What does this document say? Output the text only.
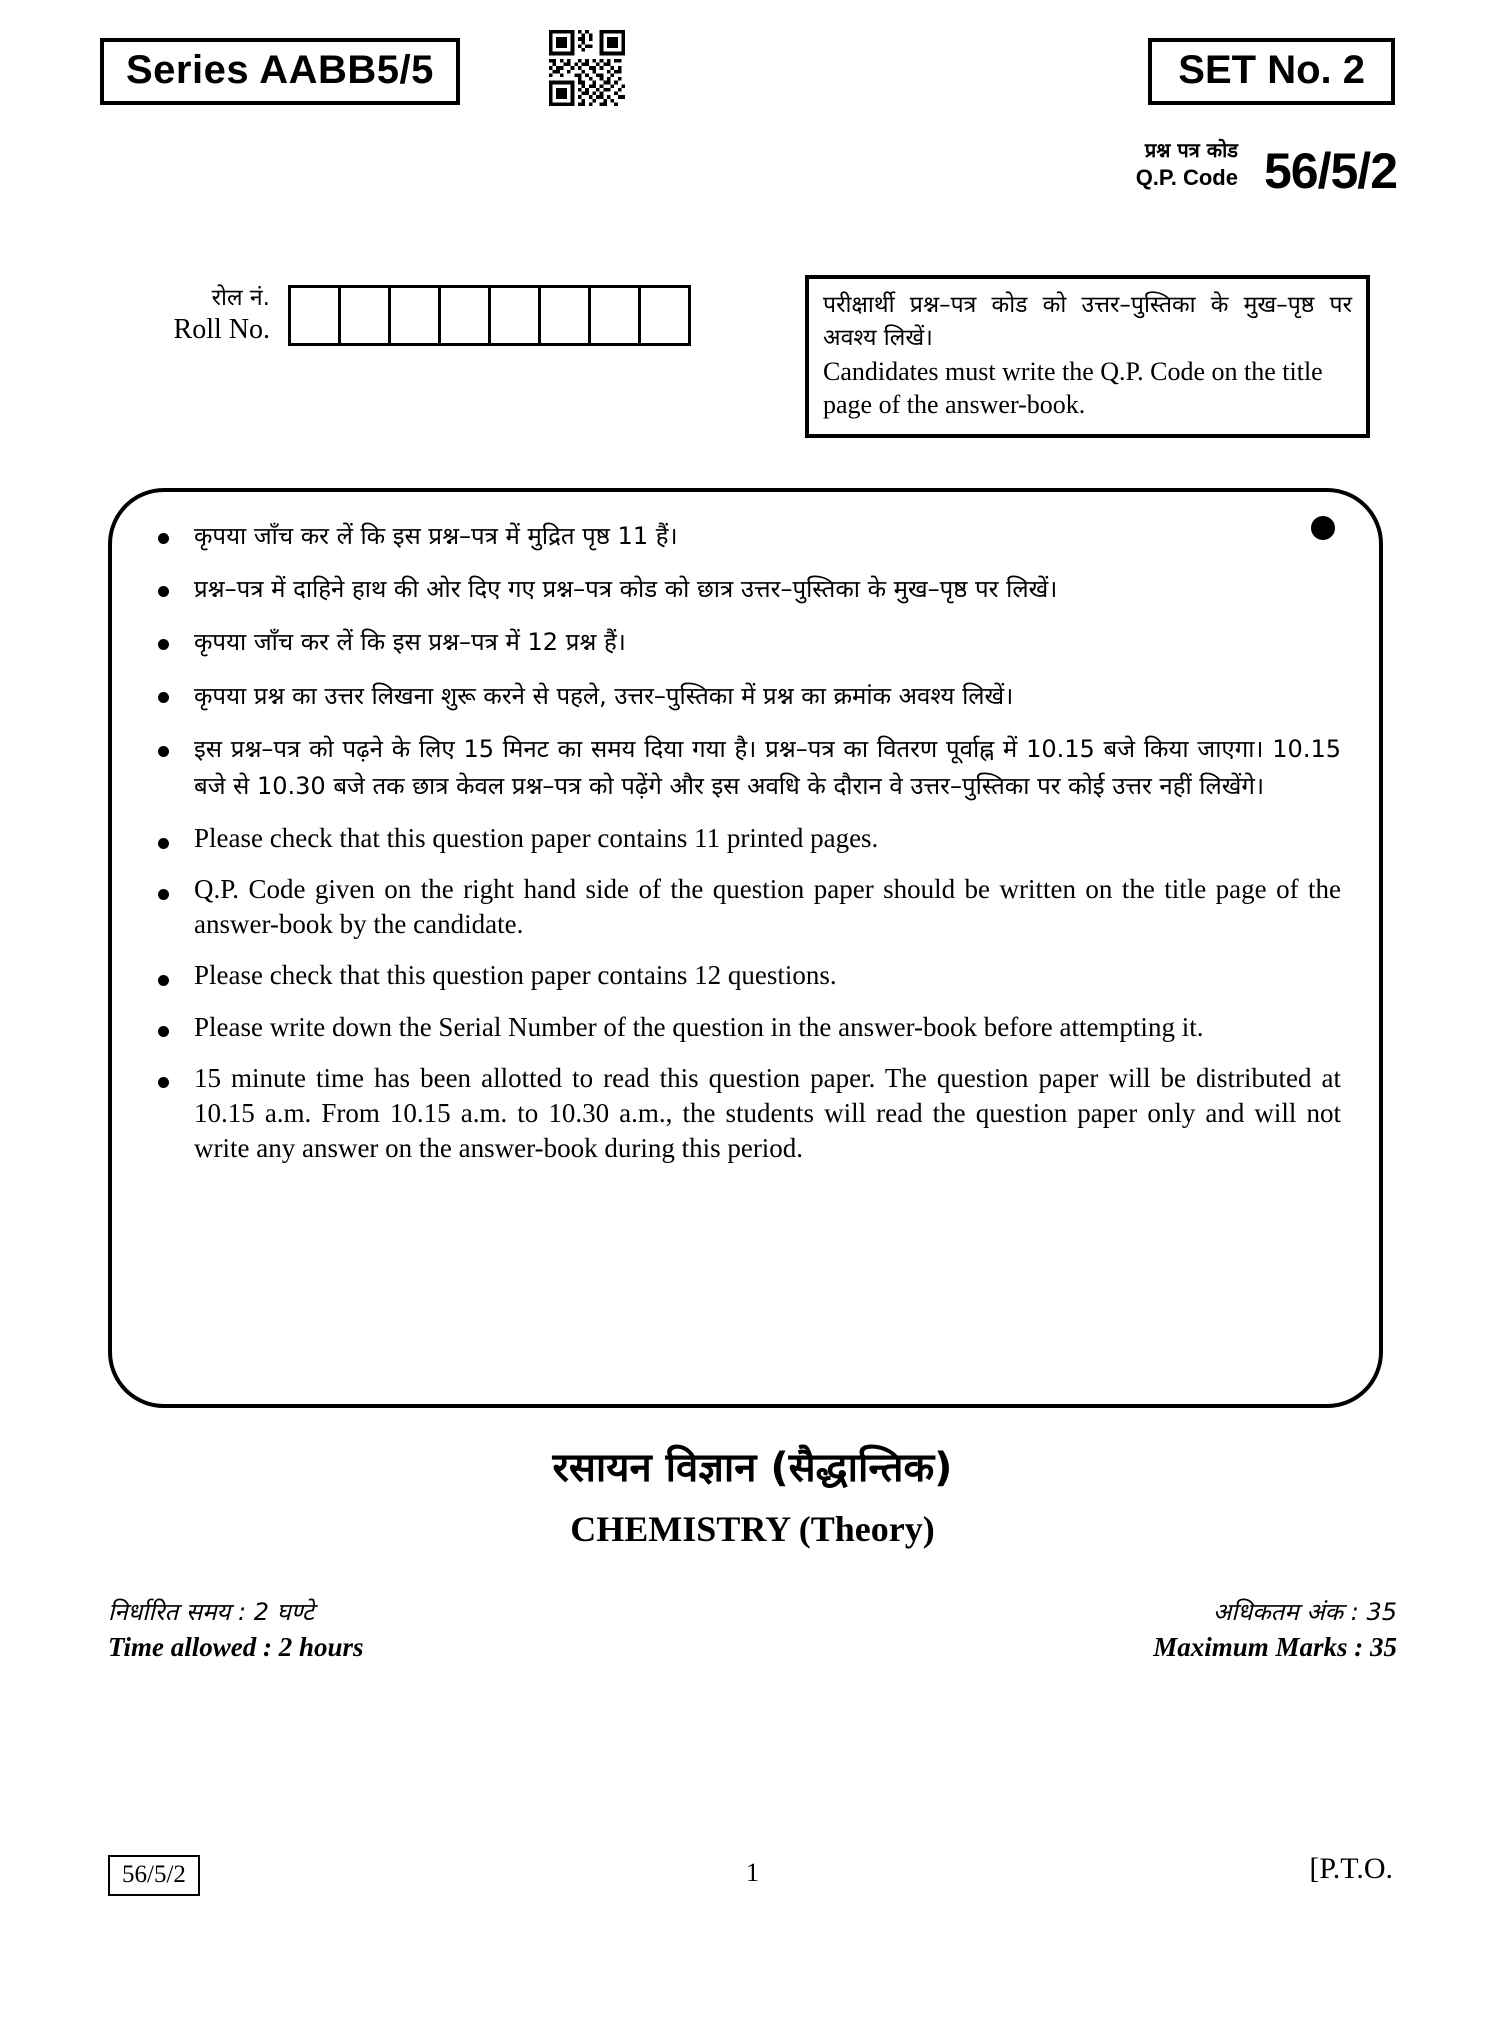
Series AABB5/5	SET No. 2
प्रश्न पत्र कोड
Q.P. Code 56/5/2
रोल नं.
Roll No.
परीक्षार्थी प्रश्न–पत्र कोड को उत्तर–पुस्तिका के मुख–पृष्ठ पर अवश्य लिखें।
Candidates must write the Q.P. Code on the title page of the answer-book.
कृपया जाँच कर लें कि इस प्रश्न–पत्र में मुद्रित पृष्ठ 11 हैं।
प्रश्न–पत्र में दाहिने हाथ की ओर दिए गए प्रश्न–पत्र कोड को छात्र उत्तर–पुस्तिका के मुख–पृष्ठ पर लिखें।
कृपया जाँच कर लें कि इस प्रश्न–पत्र में 12 प्रश्न हैं।
कृपया प्रश्न का उत्तर लिखना शुरू करने से पहले, उत्तर–पुस्तिका में प्रश्न का क्रमांक अवश्य लिखें।
इस प्रश्न–पत्र को पढ़ने के लिए 15 मिनट का समय दिया गया है। प्रश्न–पत्र का वितरण पूर्वाह्न में 10.15 बजे किया जाएगा। 10.15 बजे से 10.30 बजे तक छात्र केवल प्रश्न–पत्र को पढ़ेंगे और इस अवधि के दौरान वे उत्तर–पुस्तिका पर कोई उत्तर नहीं लिखेंगे।
Please check that this question paper contains 11 printed pages.
Q.P. Code given on the right hand side of the question paper should be written on the title page of the answer-book by the candidate.
Please check that this question paper contains 12 questions.
Please write down the Serial Number of the question in the answer-book before attempting it.
15 minute time has been allotted to read this question paper. The question paper will be distributed at 10.15 a.m. From 10.15 a.m. to 10.30 a.m., the students will read the question paper only and will not write any answer on the answer-book during this period.
रसायन विज्ञान (सैद्धान्तिक)
CHEMISTRY (Theory)
निर्धारित समय : 2 घण्टे
Time allowed : 2 hours
अधिकतम अंक : 35
Maximum Marks : 35
56/5/2	1	[P.T.O.
